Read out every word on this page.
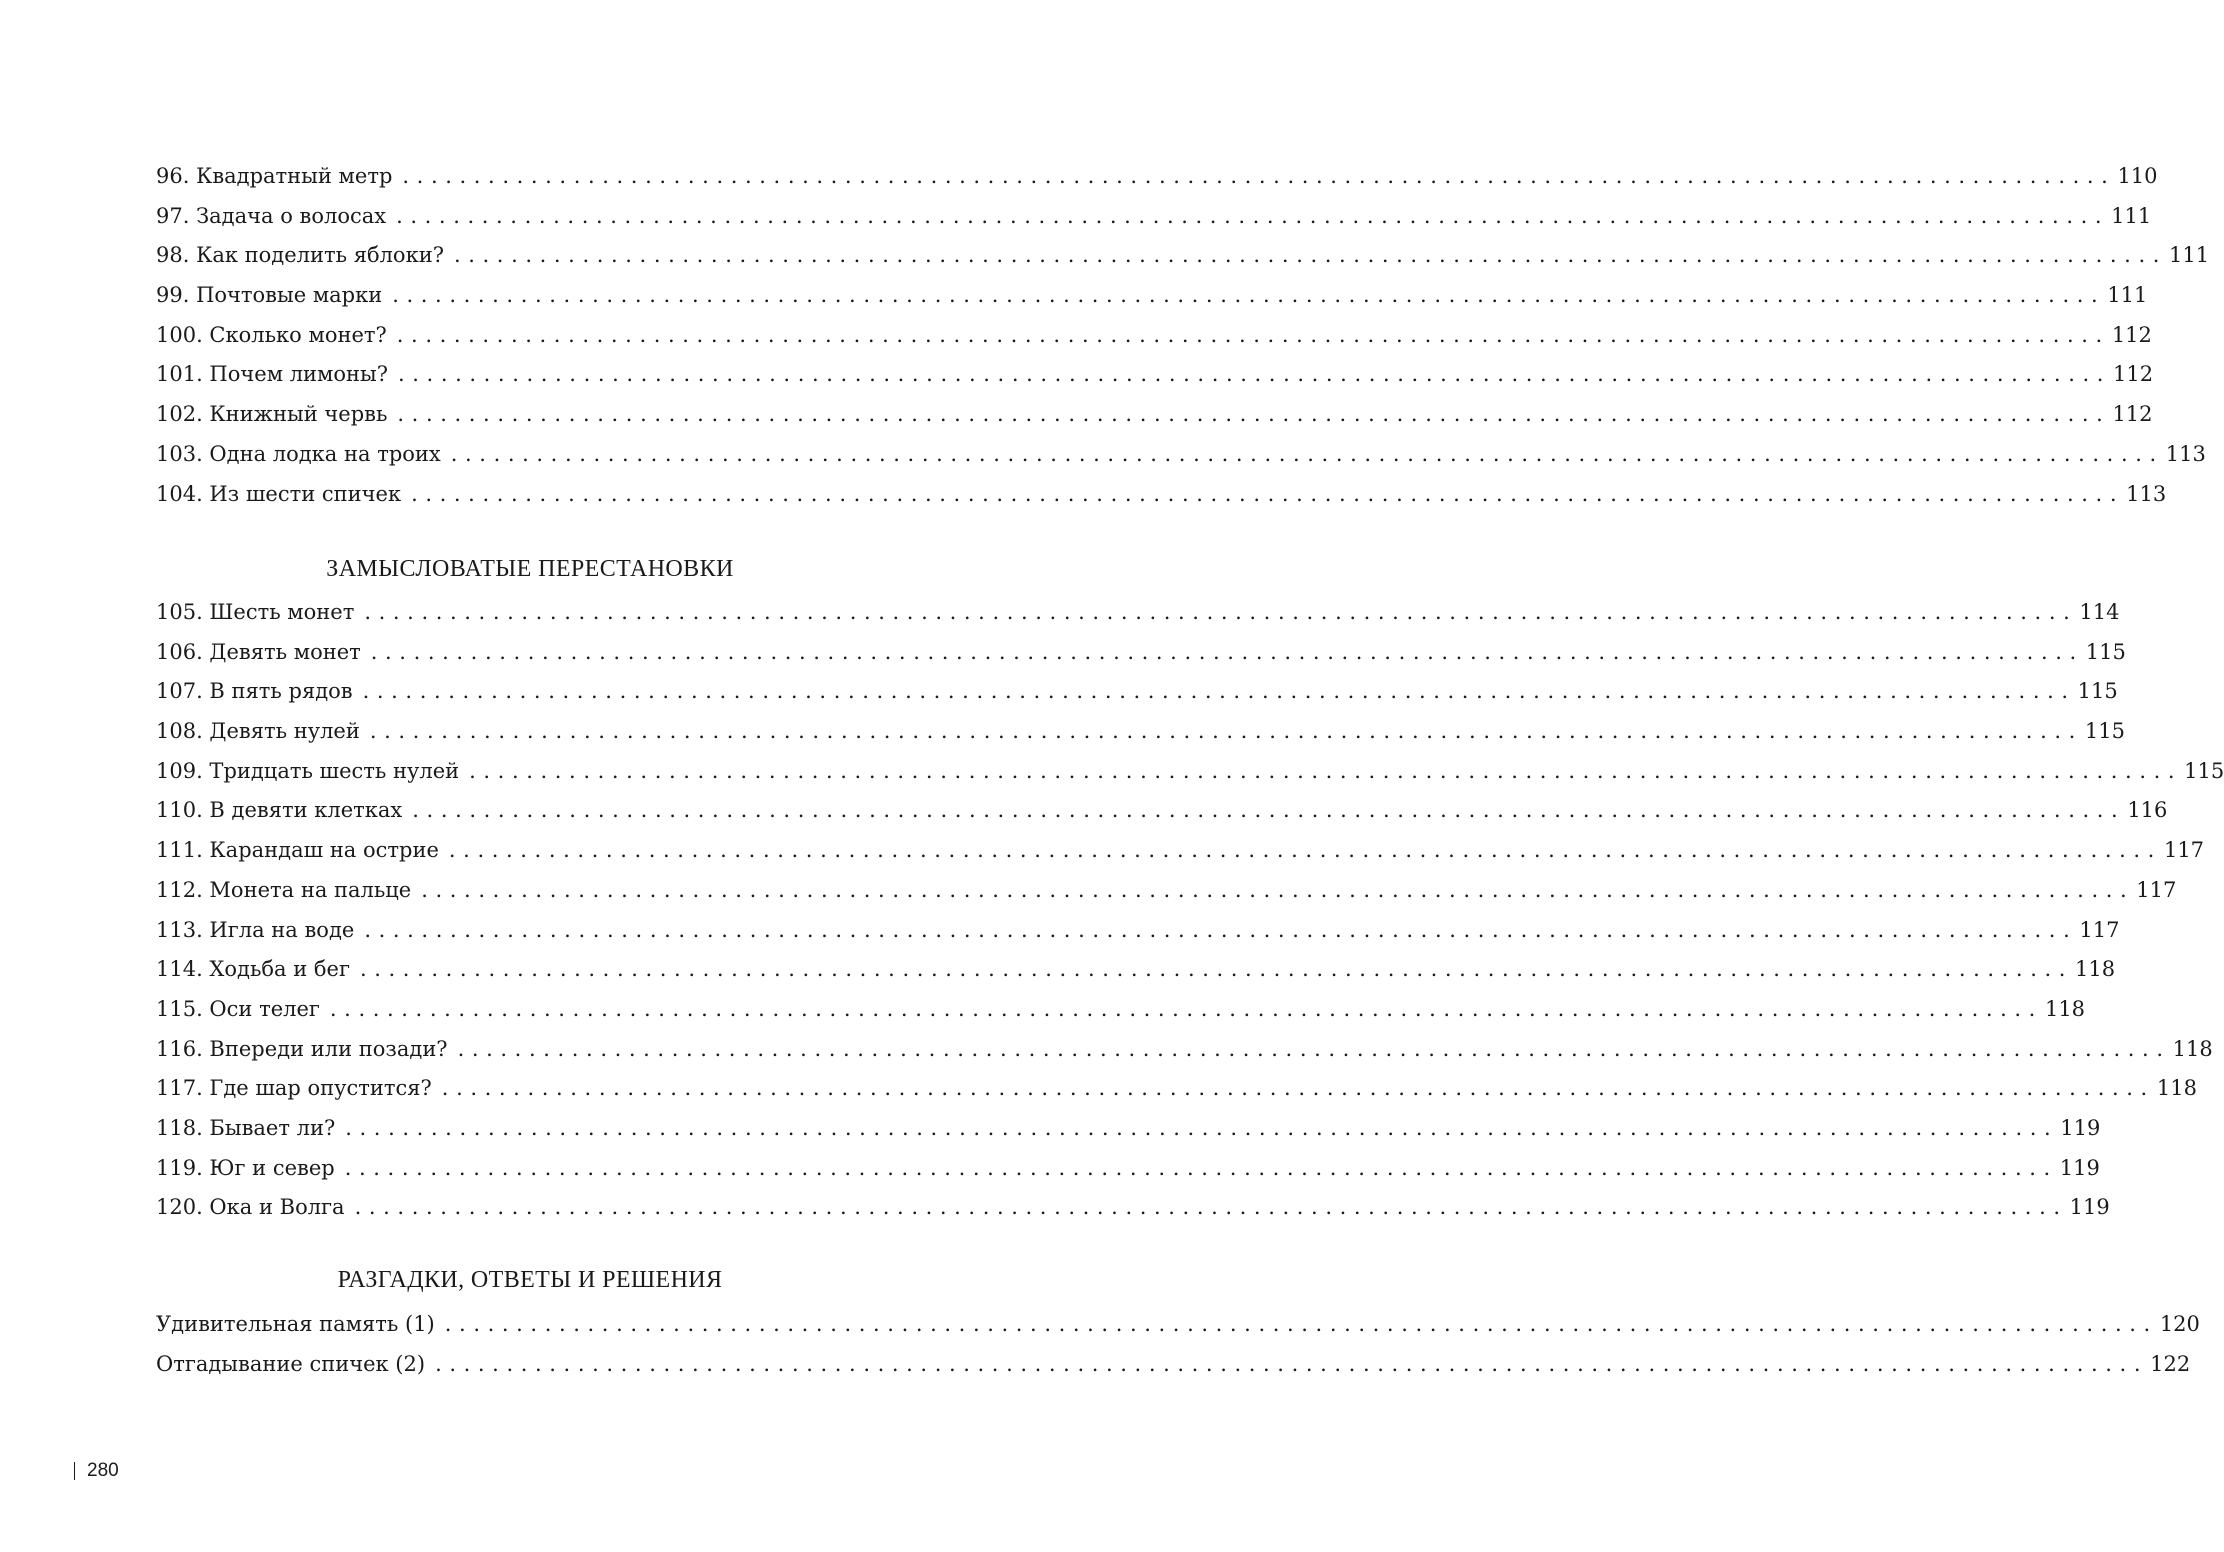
96. Квадратный метр ........................................................................................................................ 110
97. Задача о волосах ........................................................................................................................ 111
98. Как поделить яблоки? ........................................................................................................................ 111
99. Почтовые марки ........................................................................................................................ 111
100. Сколько монет? ........................................................................................................................ 112
101. Почем лимоны? ........................................................................................................................ 112
102. Книжный червь ........................................................................................................................ 112
103. Одна лодка на троих ........................................................................................................................ 113
104. Из шести спичек ........................................................................................................................ 113
ЗАМЫСЛОВАТЫЕ ПЕРЕСТАНОВКИ
105. Шесть монет ........................................................................................................................ 114
106. Девять монет ........................................................................................................................ 115
107. В пять рядов ........................................................................................................................ 115
108. Девять нулей ........................................................................................................................ 115
109. Тридцать шесть нулей ........................................................................................................................ 115
110. В девяти клетках ........................................................................................................................ 116
111. Карандаш на острие ........................................................................................................................ 117
112. Монета на пальце ........................................................................................................................ 117
113. Игла на воде ........................................................................................................................ 117
114. Ходьба и бег ........................................................................................................................ 118
115. Оси телег ........................................................................................................................ 118
116. Впереди или позади? ........................................................................................................................ 118
117. Где шар опустится? ........................................................................................................................ 118
118. Бывает ли? ........................................................................................................................ 119
119. Юг и север ........................................................................................................................ 119
120. Ока и Волга ........................................................................................................................ 119
РАЗГАДКИ, ОТВЕТЫ И РЕШЕНИЯ
Удивительная память (1) ........................................................................................................................ 120
Отгадывание спичек (2) ........................................................................................................................ 122
280
